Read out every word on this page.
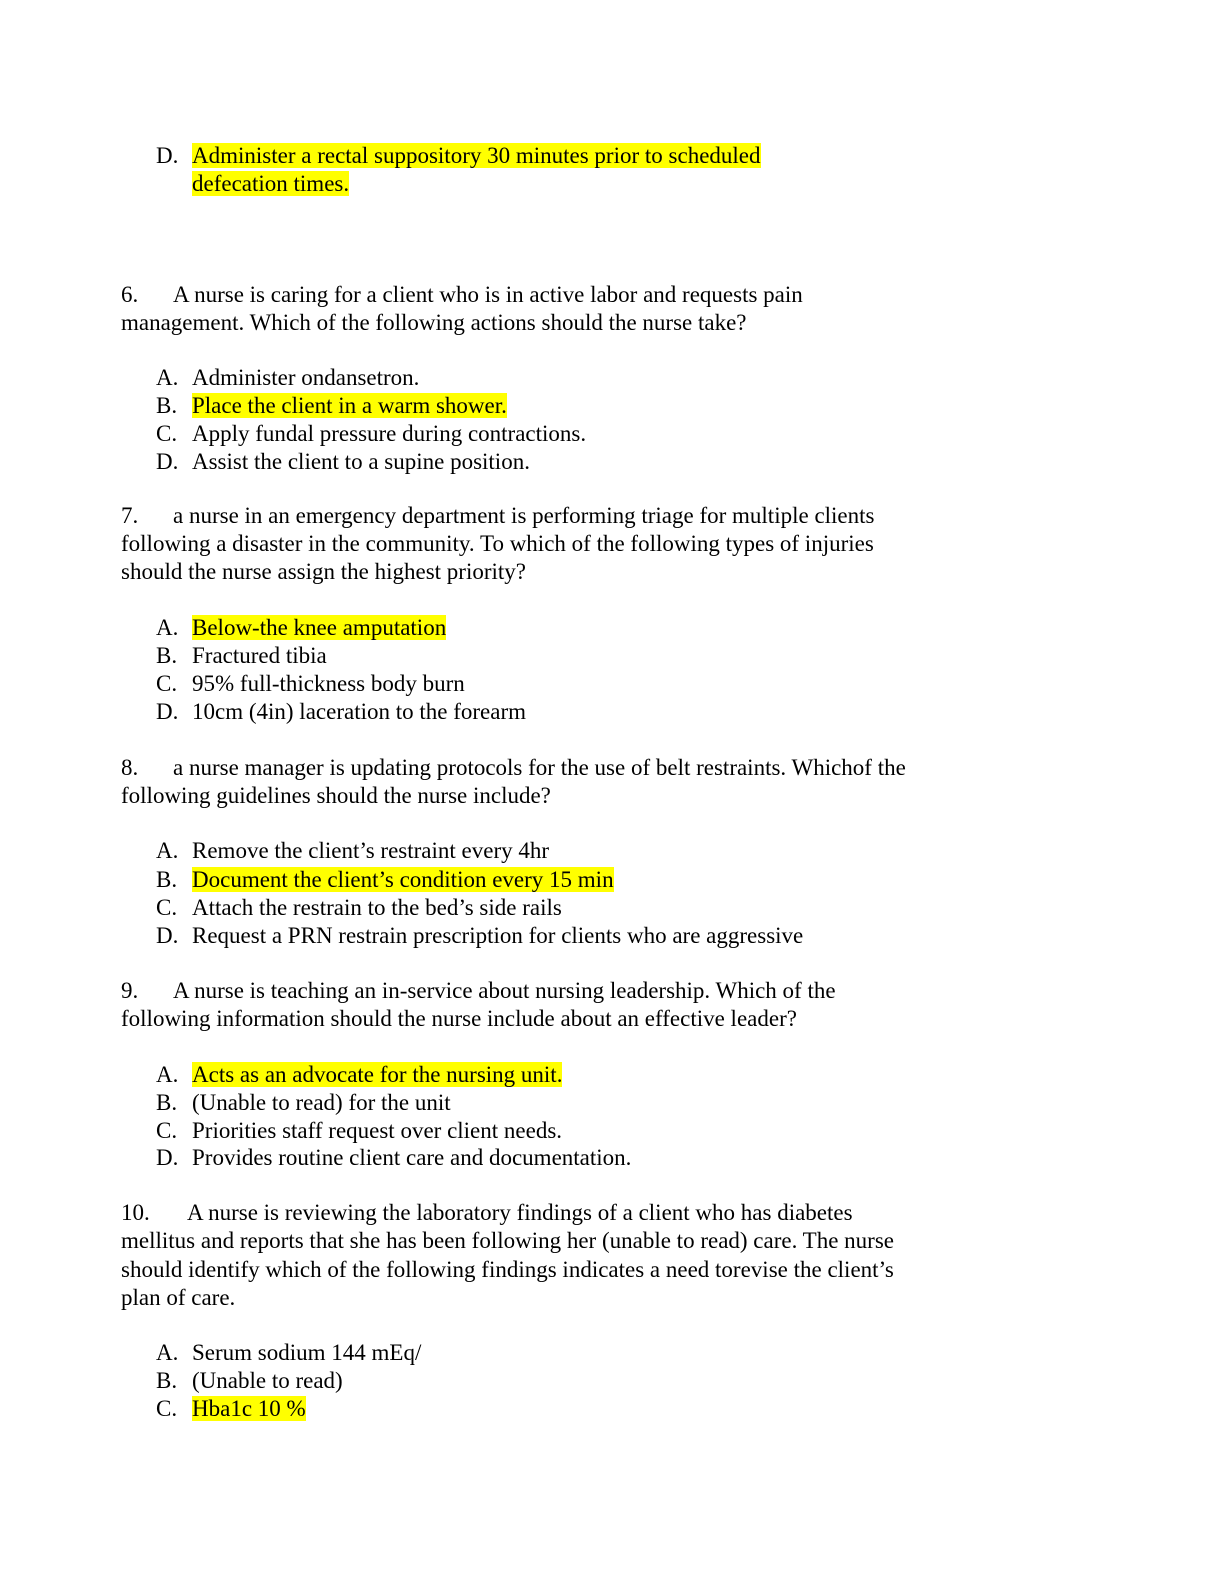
D. Administer a rectal suppository 30 minutes prior to scheduled
defecation times.
6. A nurse is caring for a client who is in active labor and requests pain
management. Which of the following actions should the nurse take?
A. Administer ondansetron.
B. Place the client in a warm shower.
C. Apply fundal pressure during contractions.
D. Assist the client to a supine position.
7. a nurse in an emergency department is performing triage for multiple clients
following a disaster in the community. To which of the following types of injuries
should the nurse assign the highest priority?
A. Below-the knee amputation
B. Fractured tibia
C. 95% full-thickness body burn
D. 10cm (4in) laceration to the forearm
8. a nurse manager is updating protocols for the use of belt restraints. Whichof the
following guidelines should the nurse include?
A. Remove the client’s restraint every 4hr
B. Document the client’s condition every 15 min
C. Attach the restrain to the bed’s side rails
D. Request a PRN restrain prescription for clients who are aggressive
9. A nurse is teaching an in-service about nursing leadership. Which of the
following information should the nurse include about an effective leader?
A. Acts as an advocate for the nursing unit.
B. (Unable to read) for the unit
C. Priorities staff request over client needs.
D. Provides routine client care and documentation.
10. A nurse is reviewing the laboratory findings of a client who has diabetes
mellitus and reports that she has been following her (unable to read) care. The nurse
should identify which of the following findings indicates a need torevise the client’s
plan of care.
A. Serum sodium 144 mEq/
B. (Unable to read)
C. Hba1c 10 %
